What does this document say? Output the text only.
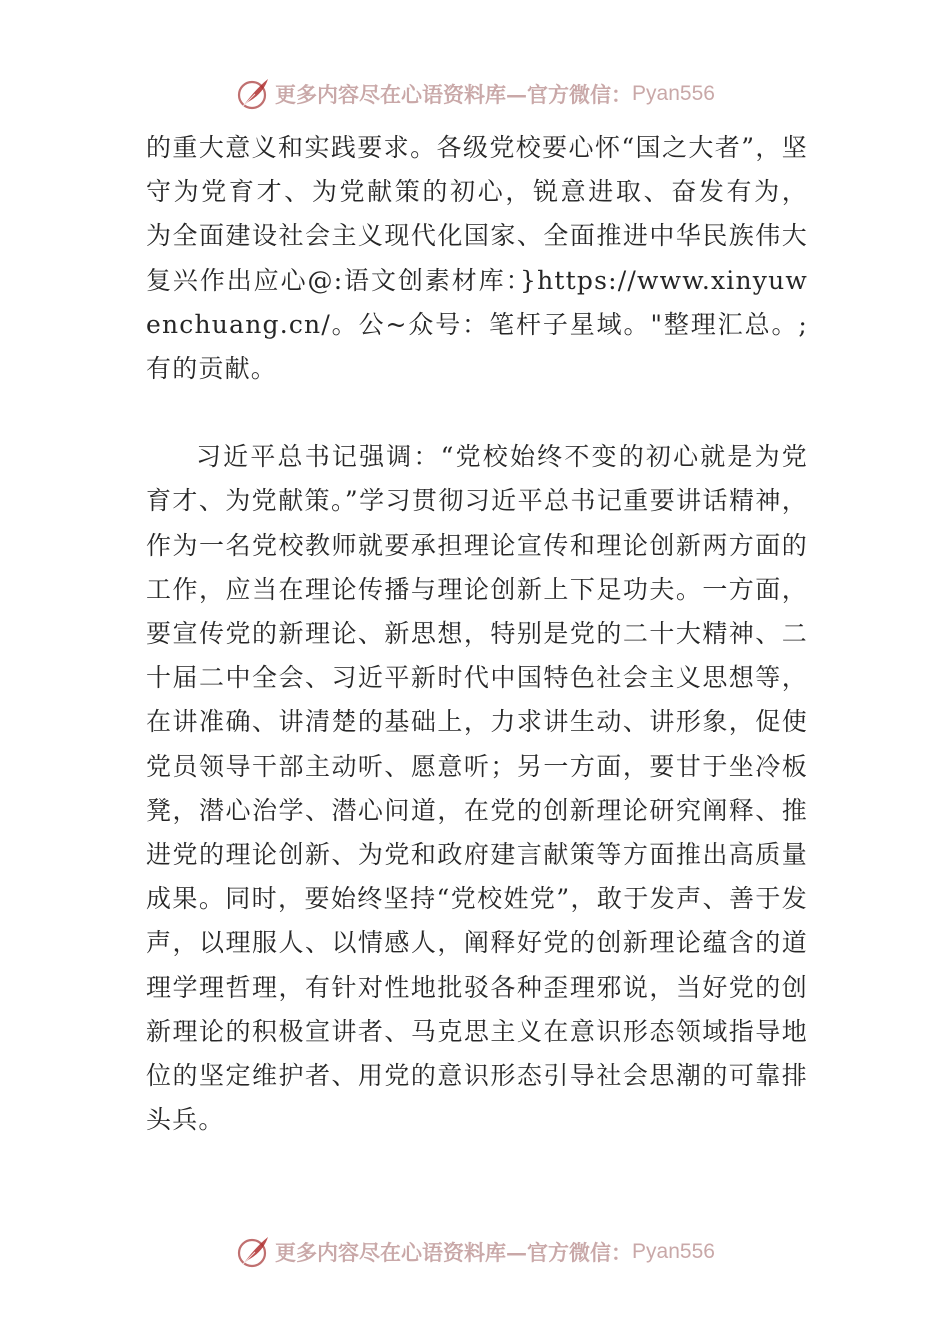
更多内容尽在心语资料库—官方微信： Pyan556

的重大意义和实践要求。各级党校要心怀“国之大者”，坚守为党育才、为党献策的初心，锐意进取、奋发有为， 为全面建设社会主义现代化国家、全面推进中华民族伟大复兴作出应心@:语文创素材库：}https://www.xinyuwenchuang.cn/。公~众号：笔杆子星域。"整理汇总。;有的贡献。

习近平总书记强调：“党校始终不变的初心就是为党育才、为党献策。”学习贯彻习近平总书记重要讲话精神，作为一名党校教师就要承担理论宣传和理论创新两方面的工作，应当在理论传播与理论创新上下足功夫。一方面，要宣传党的新理论、新思想，特别是党的二十大精神、二十届二中全会、习近平新时代中国特色社会主义思想等，在讲准确、讲清楚的基础上，力求讲生动、讲形象，促使党员领导干部主动听、愿意听；另一方面，要甘于坐冷板凳，潜心治学、潜心问道，在党的创新理论研究阐释、推进党的理论创新、为党和政府建言献策等方面推出高质量成果。同时，要始终坚持“党校姓党”，敢于发声、善于发声，以理服人、以情感人，阐释好党的创新理论蕴含的道理学理哲理，有针对性地批驳各种歪理邪说，当好党的创新理论的积极宣讲者、马克思主义在意识形态领域指导地位的坚定维护者、用党的意识形态引导社会思潮的可靠排头兵。

更多内容尽在心语资料库—官方微信： Pyan556
